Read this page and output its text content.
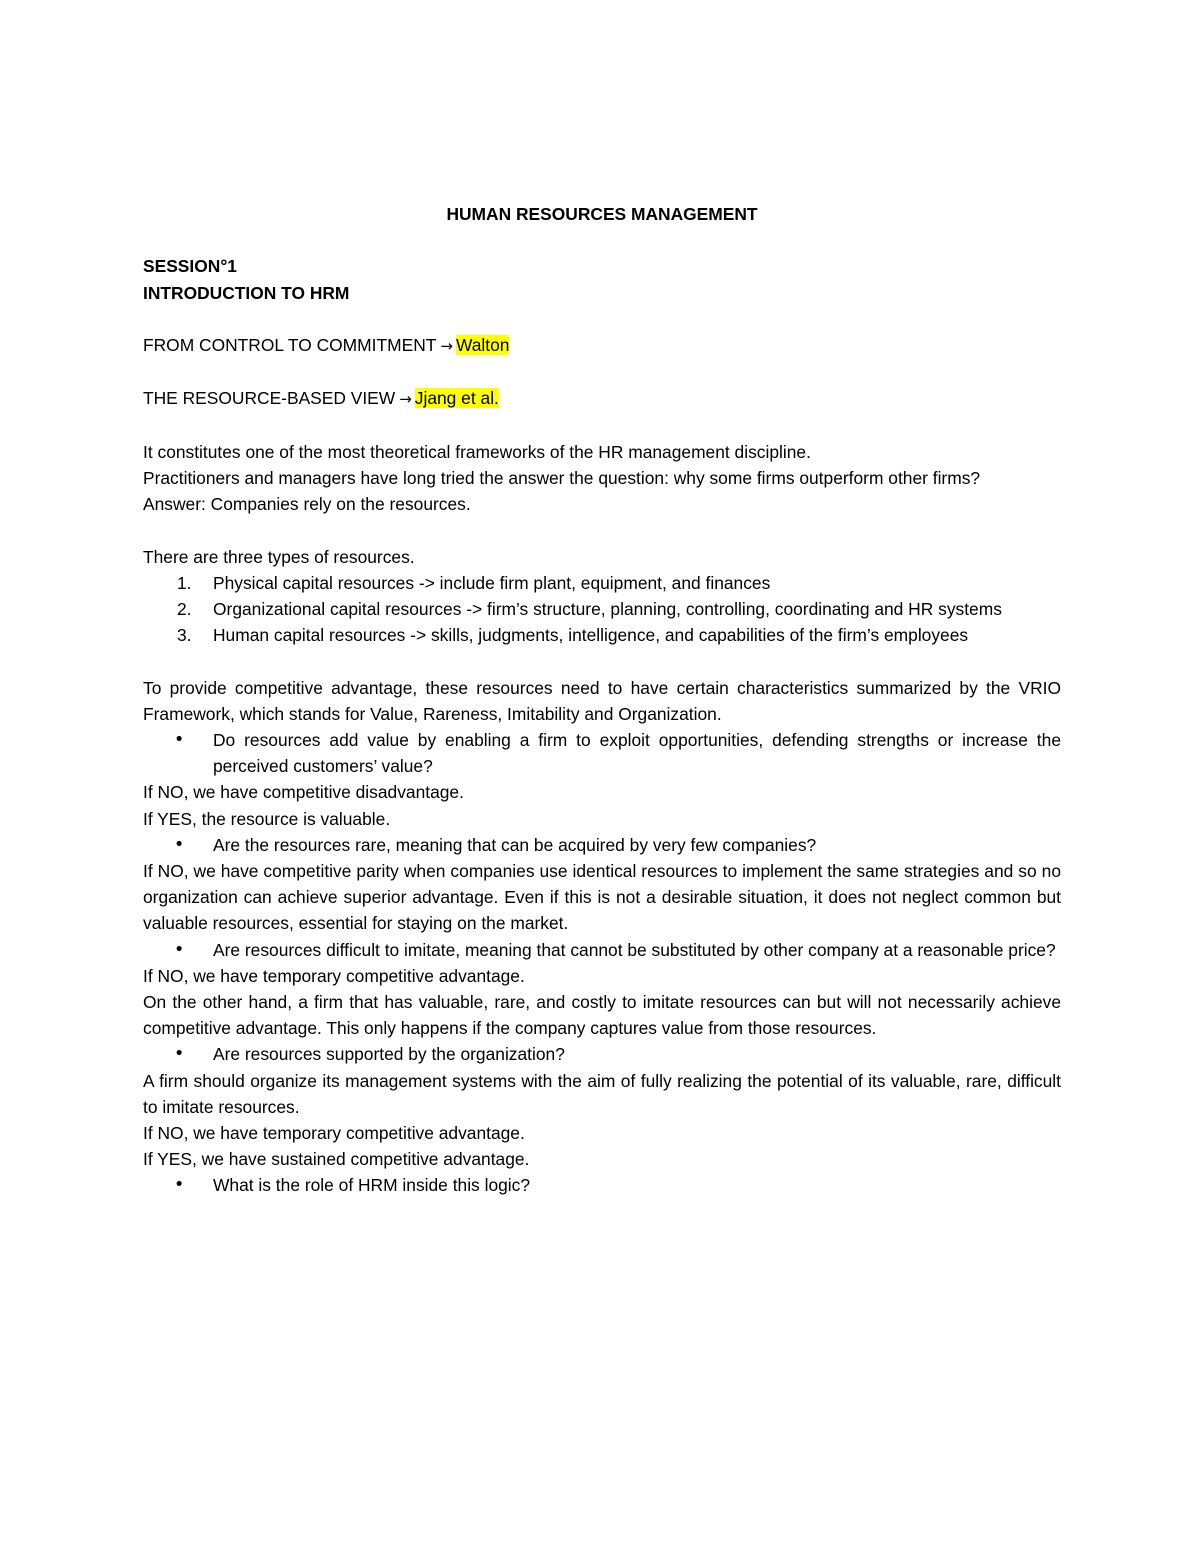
HUMAN RESOURCES MANAGEMENT

SESSION°1

INTRODUCTION TO HRM

FROM CONTROL TO COMMITMENT → Walton

THE RESOURCE-BASED VIEW → Jjang et al.

It constitutes one of the most theoretical frameworks of the HR management discipline.

Practitioners and managers have long tried the answer the question: why some firms outperform other firms?

Answer: Companies rely on the resources.

There are three types of resources.

1. Physical capital resources -> include firm plant, equipment, and finances
2. Organizational capital resources -> firm’s structure, planning, controlling, coordinating and HR systems
3. Human capital resources -> skills, judgments, intelligence, and capabilities of the firm’s employees

To provide competitive advantage, these resources need to have certain characteristics summarized by the VRIO Framework, which stands for Value, Rareness, Imitability and Organization.

• Do resources add value by enabling a firm to exploit opportunities, defending strengths or increase the perceived customers’ value?

If NO, we have competitive disadvantage.

If YES, the resource is valuable.

• Are the resources rare, meaning that can be acquired by very few companies?

If NO, we have competitive parity when companies use identical resources to implement the same strategies and so no organization can achieve superior advantage. Even if this is not a desirable situation, it does not neglect common but valuable resources, essential for staying on the market.

• Are resources difficult to imitate, meaning that cannot be substituted by other company at a reasonable price?

If NO, we have temporary competitive advantage.

On the other hand, a firm that has valuable, rare, and costly to imitate resources can but will not necessarily achieve competitive advantage. This only happens if the company captures value from those resources.

• Are resources supported by the organization?

A firm should organize its management systems with the aim of fully realizing the potential of its valuable, rare, difficult to imitate resources.

If NO, we have temporary competitive advantage.

If YES, we have sustained competitive advantage.

• What is the role of HRM inside this logic?
